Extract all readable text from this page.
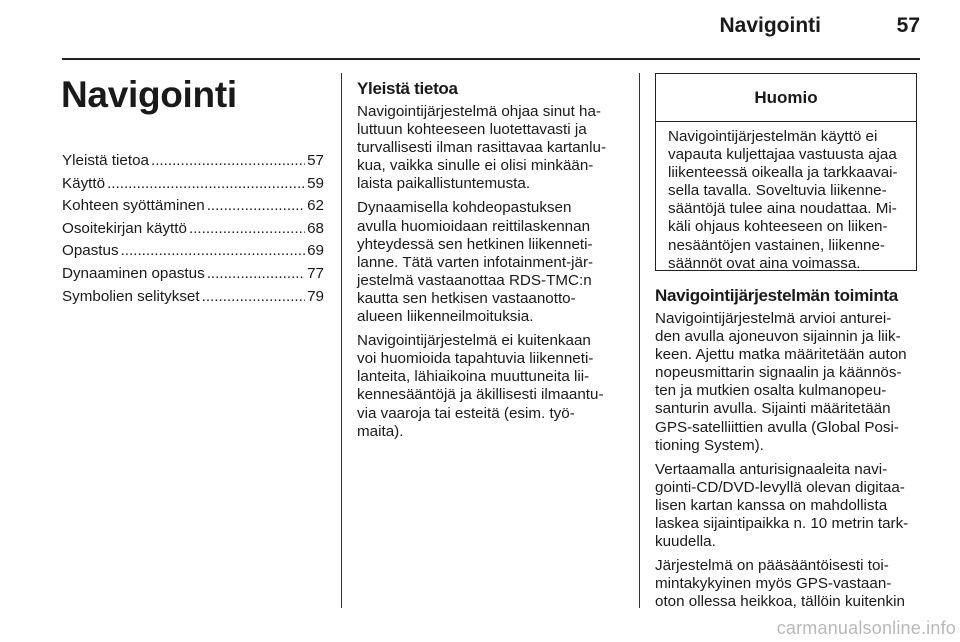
Navigointi	57
Navigointi
Yleistä tietoa .....	57
Käyttö .....	59
Kohteen syöttäminen .....	62
Osoitekirjan käyttö .....	68
Opastus .....	69
Dynaaminen opastus .....	77
Symbolien selitykset .....	79
Yleistä tietoa

Navigointijärjestelmä ohjaa sinut ha-
luttuun kohteeseen luotettavasti ja
turvallisesti ilman rasittavaa kartanlu-
kua, vaikka sinulle ei olisi minkään-
laista paikallistuntemusta.

Dynaamisella kohdeopastuksen
avulla huomioidaan reittilaskennan
yhteydessä sen hetkinen liikenneti-
lanne. Tätä varten infotainment-jär-
jestelmä vastaanottaa RDS-TMC:n
kautta sen hetkisen vastaanotto-
alueen liikenneilmoituksia.

Navigointijärjestelmä ei kuitenkaan
voi huomioida tapahtuvia liikenneti-
lanteita, lähiaikoina muuttuneita lii-
kennesääntöjä ja äkillisesti ilmaantu-
via vaaroja tai esteitä (esim. työ-
maita).

Huomio
Navigointijärjestelmän käyttö ei
vapauta kuljettajaa vastuusta ajaa
liikenteessä oikealla ja tarkkaavai-
sella tavalla. Soveltuvia liikenne-
sääntöjä tulee aina noudattaa. Mi-
käli ohjaus kohteeseen on liiken-
nesääntöjen vastainen, liikenne-
säännöt ovat aina voimassa.
Navigointijärjestelmän toiminta

Navigointijärjestelmä arvioi anturei-
den avulla ajoneuvon sijainnin ja liik-
keen. Ajettu matka määritetään auton
nopeusmittarin signaalin ja käännös-
ten ja mutkien osalta kulmanopeu-
santurin avulla. Sijainti määritetään
GPS-satelliittien avulla (Global Posi-
tioning System).

Vertaamalla anturisignaaleita navi-
gointi-CD/DVD-levyllä olevan digitaa-
lisen kartan kanssa on mahdollista
laskea sijaintipaikka n. 10 metrin tark-
kuudella.

Järjestelmä on pääsääntöisesti toi-
mintakykyinen myös GPS-vastaan-
oton ollessa heikkoa, tällöin kuitenkin

carmanualsonline.info
